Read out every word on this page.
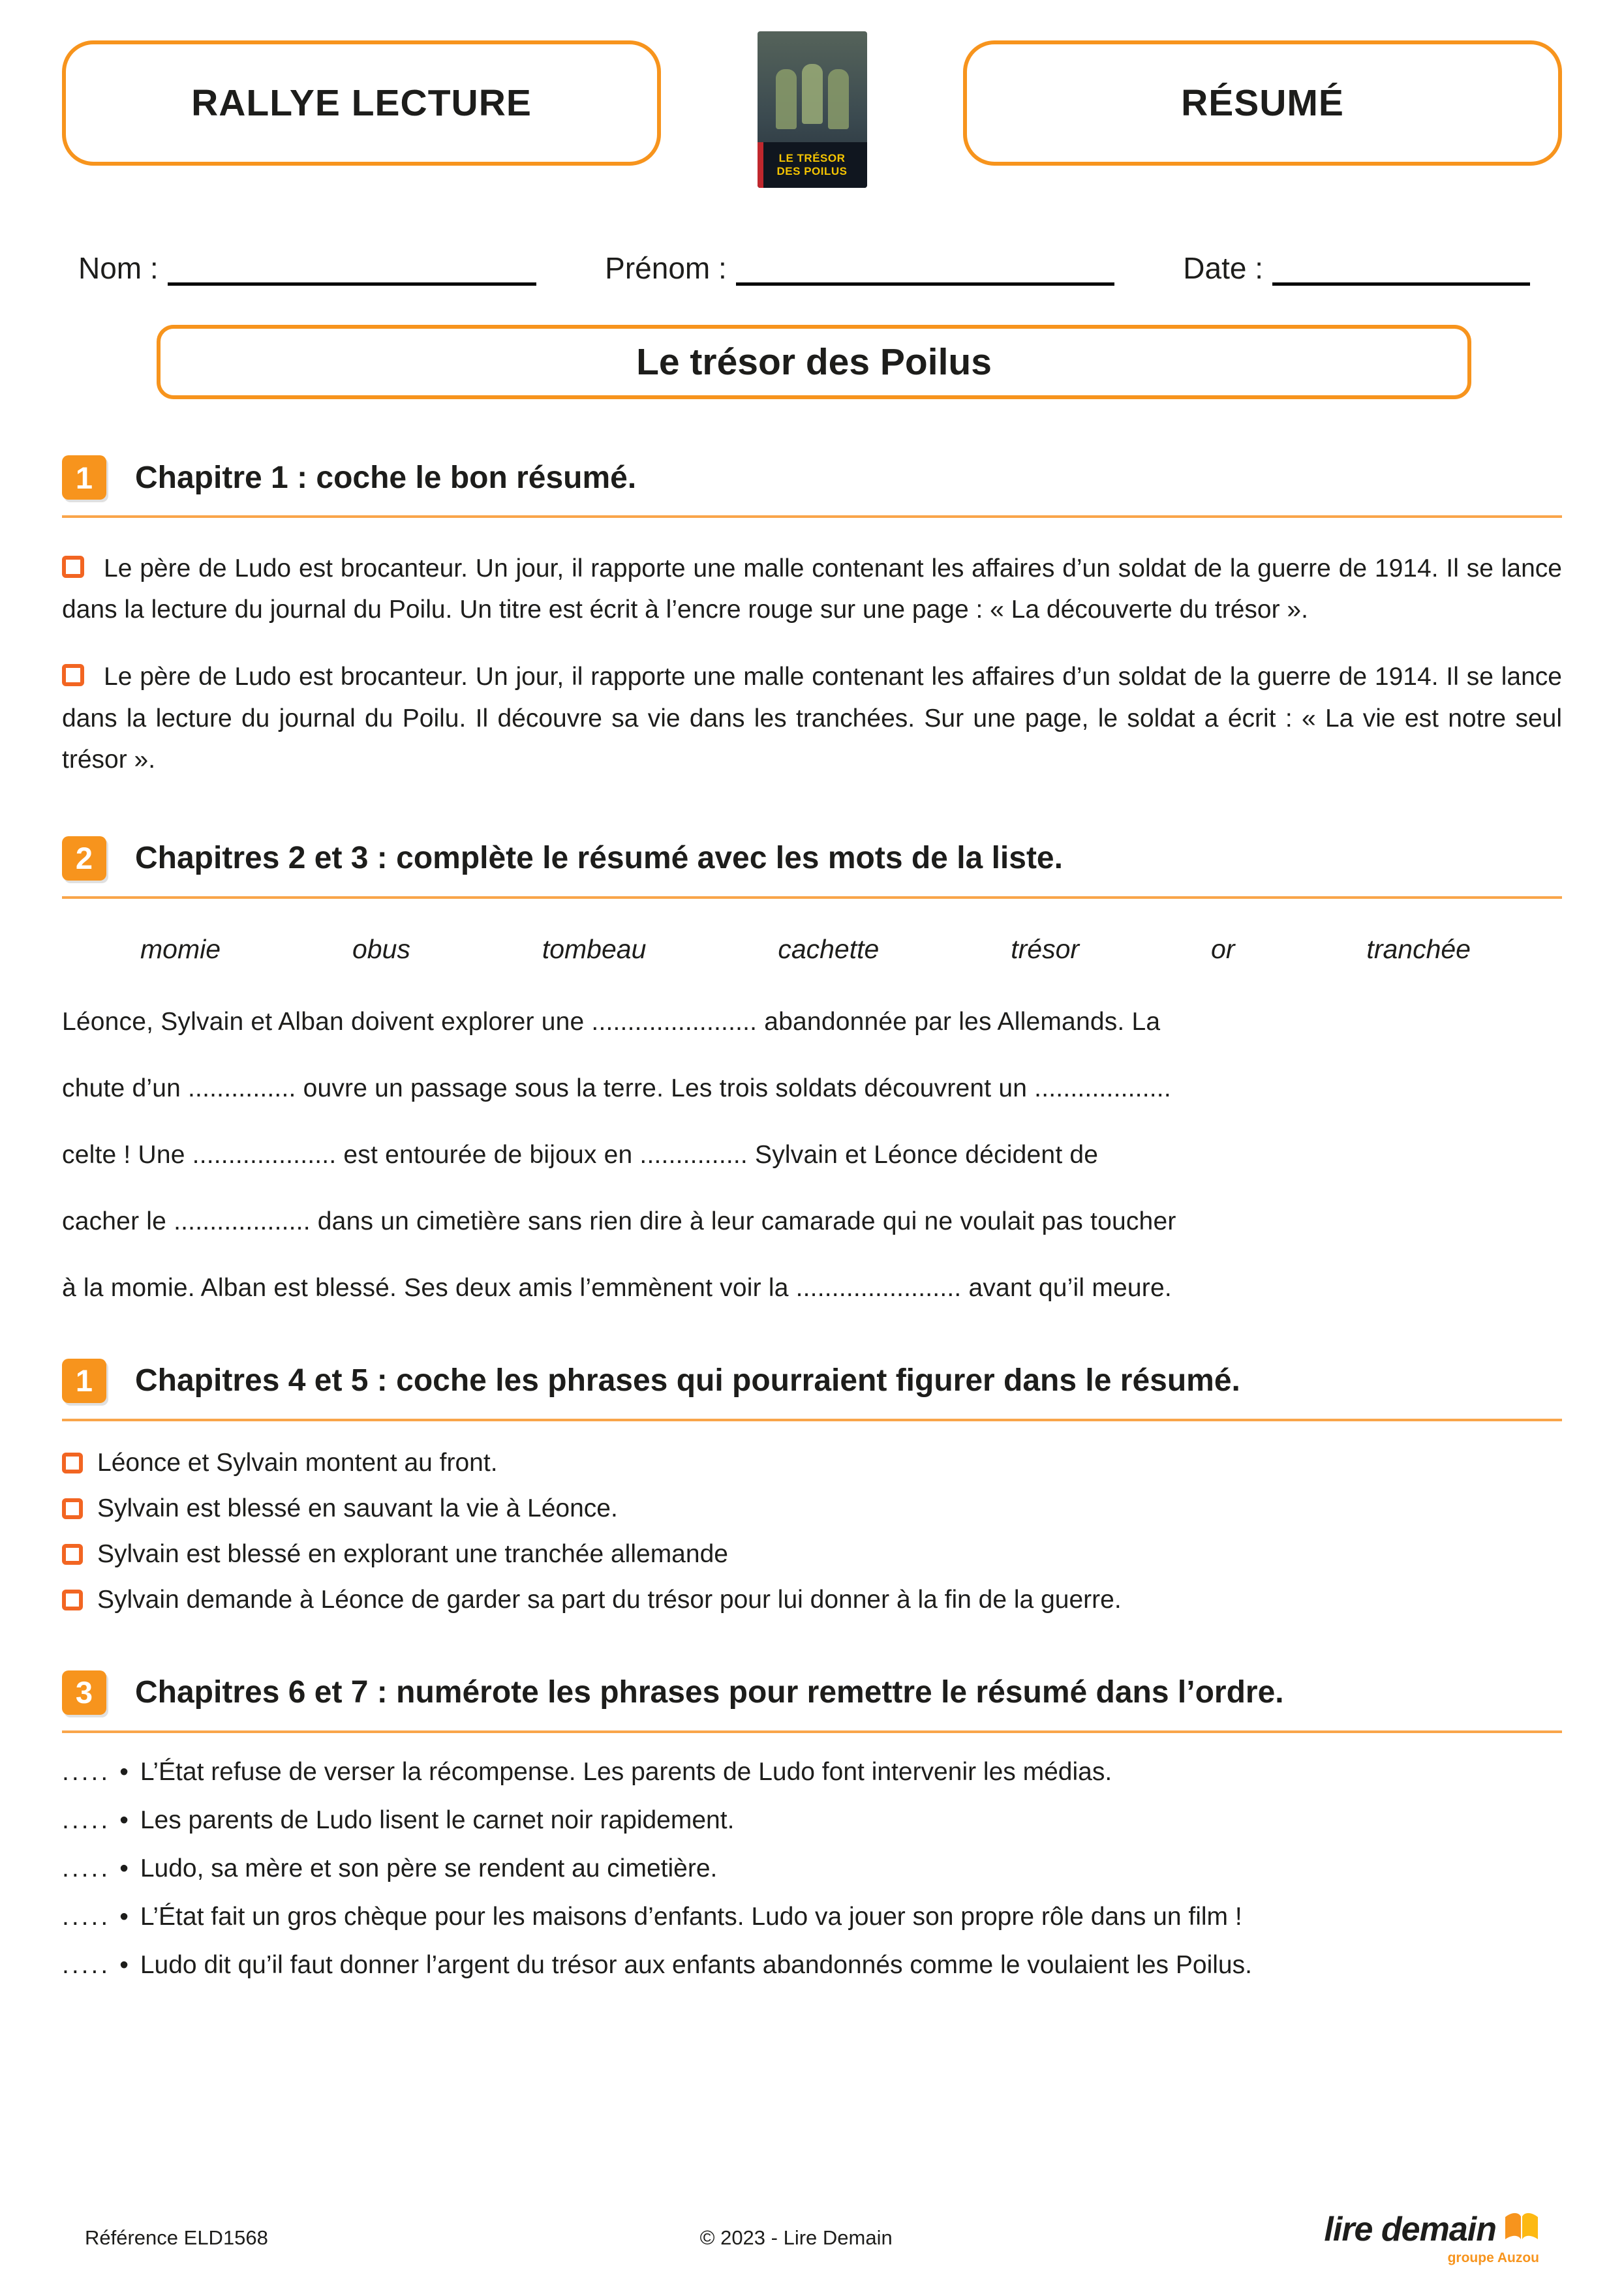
RALLYE LECTURE
LE TRÉSOR
DES POILUS
RÉSUMÉ
Nom :	Prénom :	Date :
Le trésor des Poilus
1	Chapitre 1 : coche le bon résumé.

Le père de Ludo est brocanteur. Un jour, il rapporte une malle contenant les affaires d’un soldat de la guerre de 1914. Il se lance dans la lecture du journal du Poilu. Un titre est écrit à l’encre rouge sur une page : « La découverte du trésor ».

Le père de Ludo est brocanteur. Un jour, il rapporte une malle contenant les affaires d’un soldat de la guerre de 1914. Il se lance dans la lecture du journal du Poilu. Il découvre sa vie dans les tranchées. Sur une page, le soldat a écrit : « La vie est notre seul trésor ».

2	Chapitres 2 et 3 : complète le résumé avec les mots de la liste.
momie	obus	tombeau	cachette	trésor	or	tranchée
Léonce, Sylvain et Alban doivent explorer une ....................... abandonnée par les Allemands. La
chute d’un ............... ouvre un passage sous la terre. Les trois soldats découvrent un ...................
celte ! Une .................... est entourée de bijoux en ............... Sylvain et Léonce décident de
cacher le ................... dans un cimetière sans rien dire à leur camarade qui ne voulait pas toucher
à la momie. Alban est blessé. Ses deux amis l’emmènent voir la ....................... avant qu’il meure.
1	Chapitres 4 et 5 : coche les phrases qui pourraient figurer dans le résumé.
Léonce et Sylvain montent au front.
Sylvain est blessé en sauvant la vie à Léonce.
Sylvain est blessé en explorant une tranchée allemande
Sylvain demande à Léonce de garder sa part du trésor pour lui donner à la fin de la guerre.
3	Chapitres 6 et 7 : numérote les phrases pour remettre le résumé dans l’ordre.
..... • L’État refuse de verser la récompense. Les parents de Ludo font intervenir les médias.
..... • Les parents de Ludo lisent le carnet noir rapidement.
..... • Ludo, sa mère et son père se rendent au cimetière.
..... • L’État fait un gros chèque pour les maisons d’enfants. Ludo va jouer son propre rôle dans un film !
..... • Ludo dit qu’il faut donner l’argent du trésor aux enfants abandonnés comme le voulaient les Poilus.
Référence ELD1568	© 2023 - Lire Demain	lire demain
groupe Auzou
